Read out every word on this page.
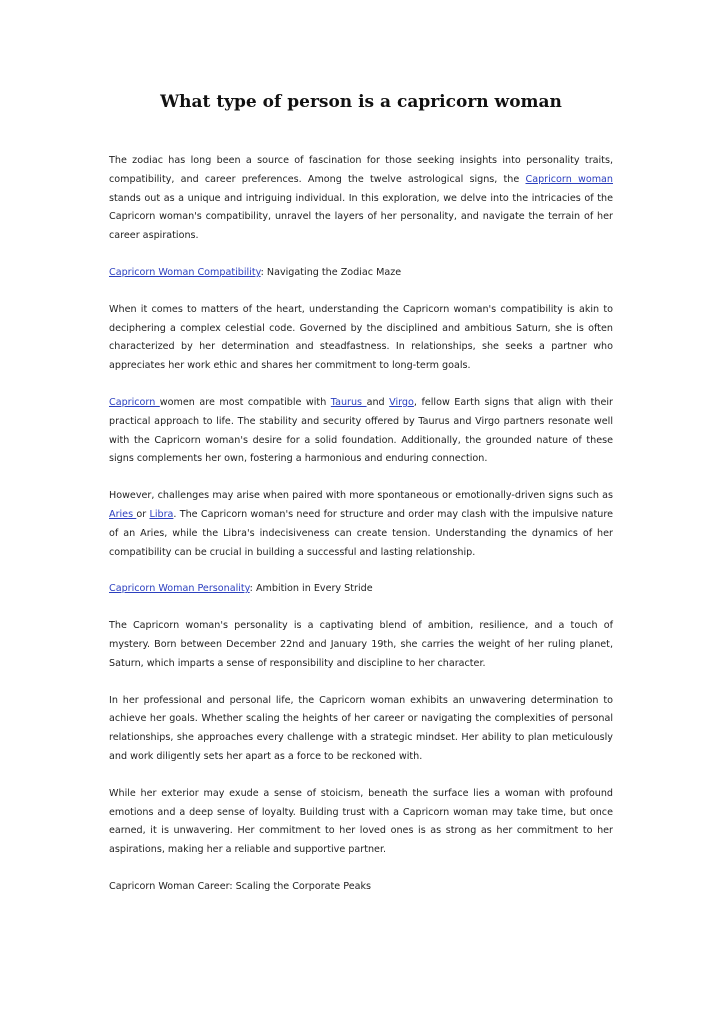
What type of person is a capricorn woman

The zodiac has long been a source of fascination for those seeking insights into personality traits, compatibility, and career preferences. Among the twelve astrological signs, the Capricorn woman stands out as a unique and intriguing individual. In this exploration, we delve into the intricacies of the Capricorn woman's compatibility, unravel the layers of her personality, and navigate the terrain of her career aspirations.

Capricorn Woman Compatibility: Navigating the Zodiac Maze

When it comes to matters of the heart, understanding the Capricorn woman's compatibility is akin to deciphering a complex celestial code. Governed by the disciplined and ambitious Saturn, she is often characterized by her determination and steadfastness. In relationships, she seeks a partner who appreciates her work ethic and shares her commitment to long-term goals.

Capricorn women are most compatible with Taurus and Virgo, fellow Earth signs that align with their practical approach to life. The stability and security offered by Taurus and Virgo partners resonate well with the Capricorn woman's desire for a solid foundation. Additionally, the grounded nature of these signs complements her own, fostering a harmonious and enduring connection.

However, challenges may arise when paired with more spontaneous or emotionally-driven signs such as Aries or Libra. The Capricorn woman's need for structure and order may clash with the impulsive nature of an Aries, while the Libra's indecisiveness can create tension. Understanding the dynamics of her compatibility can be crucial in building a successful and lasting relationship.

Capricorn Woman Personality: Ambition in Every Stride

The Capricorn woman's personality is a captivating blend of ambition, resilience, and a touch of mystery. Born between December 22nd and January 19th, she carries the weight of her ruling planet, Saturn, which imparts a sense of responsibility and discipline to her character.

In her professional and personal life, the Capricorn woman exhibits an unwavering determination to achieve her goals. Whether scaling the heights of her career or navigating the complexities of personal relationships, she approaches every challenge with a strategic mindset. Her ability to plan meticulously and work diligently sets her apart as a force to be reckoned with.

While her exterior may exude a sense of stoicism, beneath the surface lies a woman with profound emotions and a deep sense of loyalty. Building trust with a Capricorn woman may take time, but once earned, it is unwavering. Her commitment to her loved ones is as strong as her commitment to her aspirations, making her a reliable and supportive partner.

Capricorn Woman Career: Scaling the Corporate Peaks
